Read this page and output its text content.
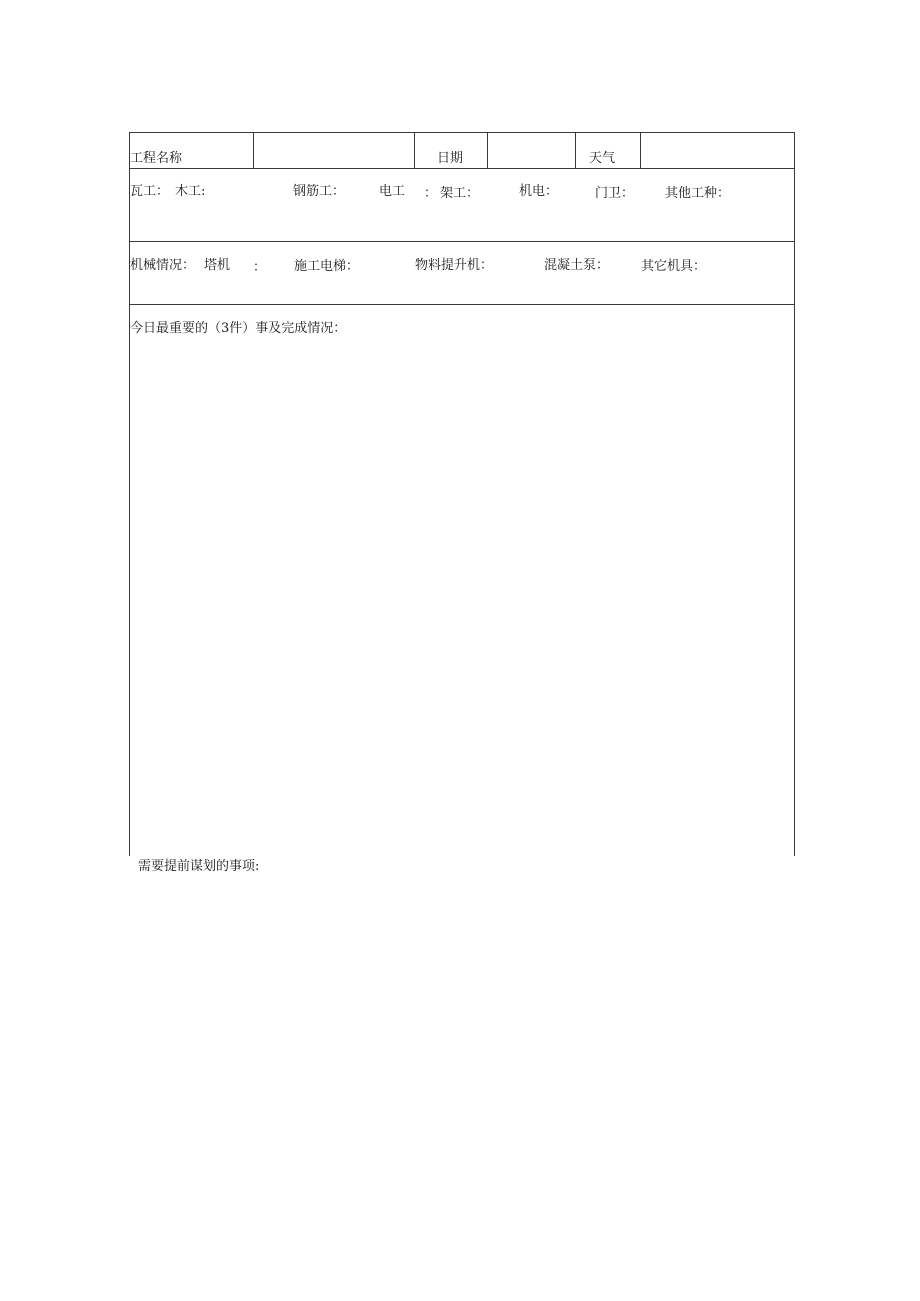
工程名称	日期	天气
瓦工： 木工:	钢筋工：	电工 ： 架工：	机电：	门卫： 其他工种：
机械情况： 塔机 ： 施工电梯：	物料提升机：	混凝土泵： 其它机具：
今日最重要的（3件）事及完成情况：
需要提前谋划的事项:
